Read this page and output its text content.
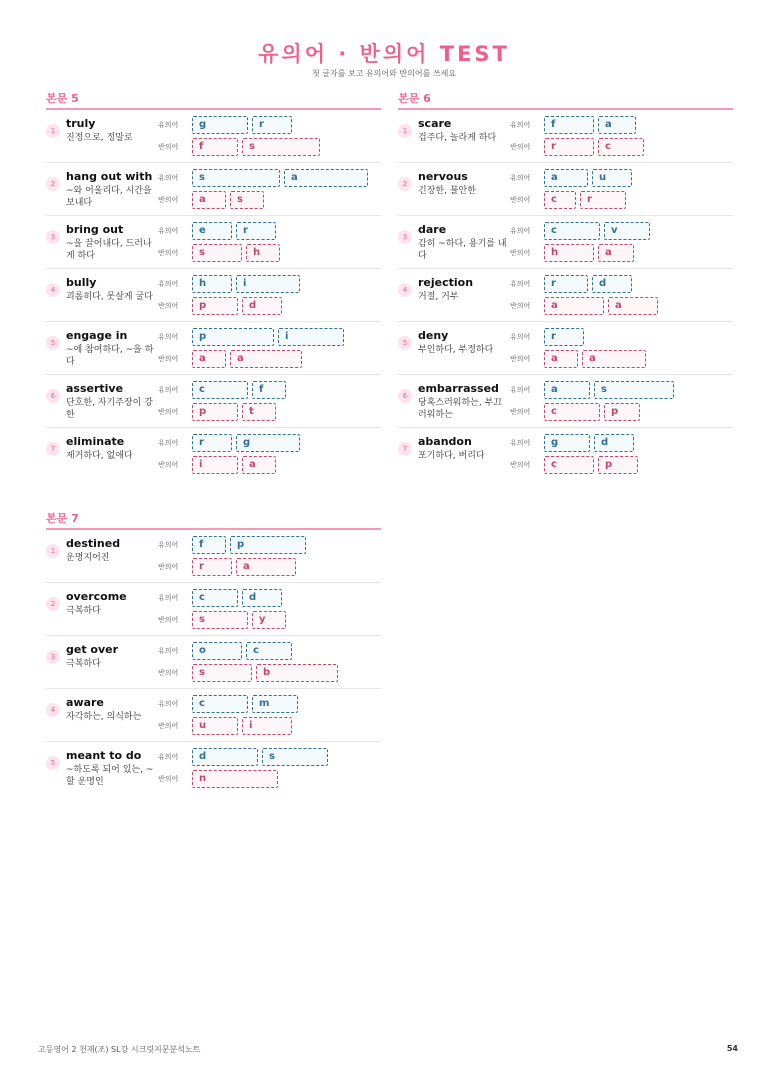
유의어 · 반의어 TEST
첫 글자를 보고 유의어와 반의어를 쓰세요
본문 5
1
truly
진정으로, 정말로
유의어	g	r
반의어	f	s
2
hang out with
~와 어울리다, 시간을 보내다
유의어	s	a
반의어	a	s
3
bring out
~을 끌어내다, 드러나게 하다
유의어	e	r
반의어	s	h
4
bully
괴롭히다, 못살게 굴다
유의어	h	i
반의어	p	d
5
engage in
~에 참여하다, ~을 하다
유의어	p	i
반의어	a	a
6
assertive
단호한, 자기주장이 강한
유의어	c	f
반의어	p	t
7
eliminate
제거하다, 없애다
유의어	r	g
반의어	i	a
본문 6
1
scare
겁주다, 놀라게 하다
유의어	f	a
반의어	r	c
2
nervous
긴장한, 불안한
유의어	a	u
반의어	c	r
3
dare
감히 ~하다, 용기를 내다
유의어	c	v
반의어	h	a
4
rejection
거절, 거부
유의어	r	d
반의어	a	a
5
deny
부인하다, 부정하다
유의어	r
반의어	a	a
6
embarrassed
당혹스러워하는, 부끄러워하는
유의어	a	s
반의어	c	p
7
abandon
포기하다, 버리다
유의어	g	d
반의어	c	p
본문 7
1
destined
운명지어진
유의어	f	p
반의어	r	a
2
overcome
극복하다
유의어	c	d
반의어	s	y
3
get over
극복하다
유의어	o	c
반의어	s	b
4
aware
자각하는, 의식하는
유의어	c	m
반의어	u	i
5
meant to do
~하도록 되어 있는, ~할 운명인
유의어	d	s
반의어	n
고등영어 2 천재(조) SL강 시크릿지문분석노트	54
